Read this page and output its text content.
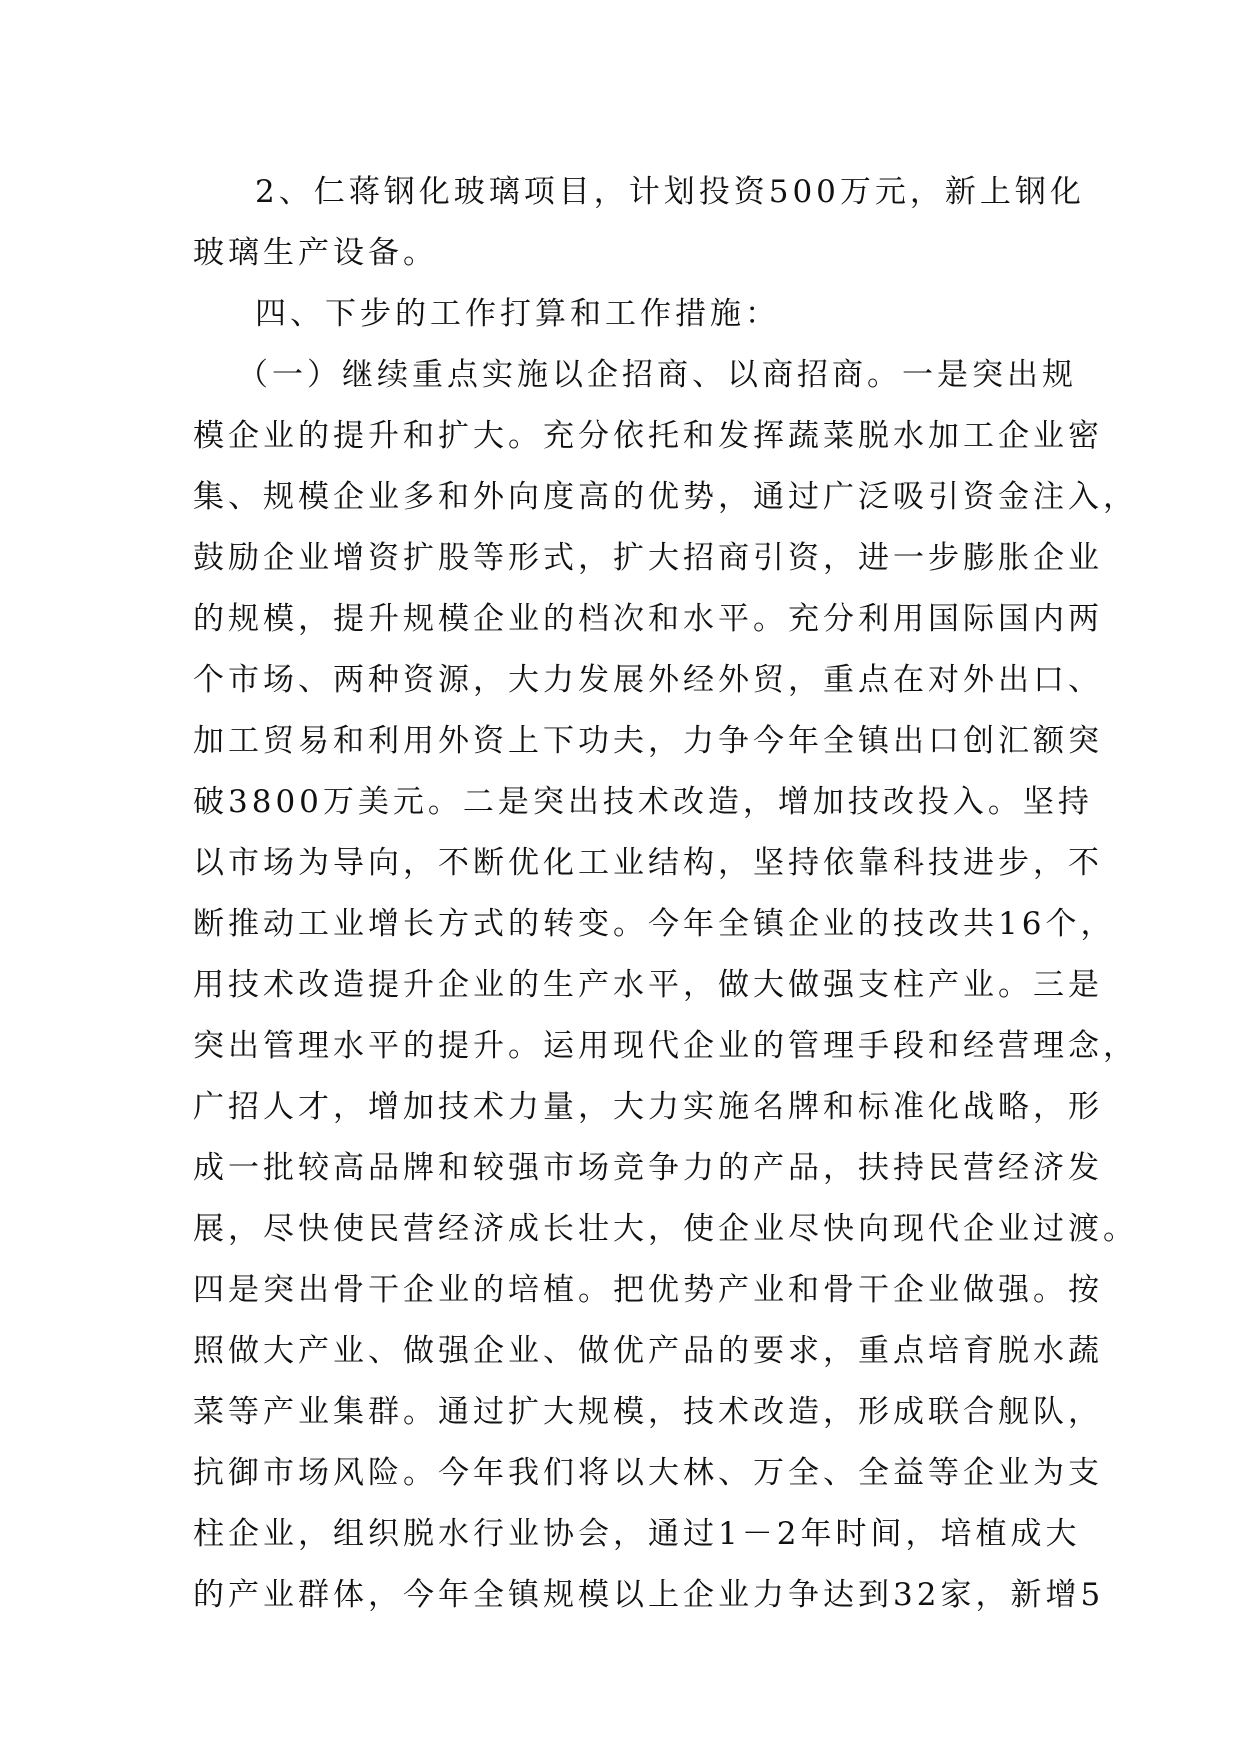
2、仁蒋钢化玻璃项目，计划投资500万元，新上钢化
玻璃生产设备。
四、下步的工作打算和工作措施：
（一）继续重点实施以企招商、以商招商。一是突出规
模企业的提升和扩大。充分依托和发挥蔬菜脱水加工企业密
集、规模企业多和外向度高的优势，通过广泛吸引资金注入，
鼓励企业增资扩股等形式，扩大招商引资，进一步膨胀企业
的规模，提升规模企业的档次和水平。充分利用国际国内两
个市场、两种资源，大力发展外经外贸，重点在对外出口、
加工贸易和利用外资上下功夫，力争今年全镇出口创汇额突
破3800万美元。二是突出技术改造，增加技改投入。坚持
以市场为导向，不断优化工业结构，坚持依靠科技进步，不
断推动工业增长方式的转变。今年全镇企业的技改共16个，
用技术改造提升企业的生产水平，做大做强支柱产业。三是
突出管理水平的提升。运用现代企业的管理手段和经营理念，
广招人才，增加技术力量，大力实施名牌和标准化战略，形
成一批较高品牌和较强市场竞争力的产品，扶持民营经济发
展，尽快使民营经济成长壮大，使企业尽快向现代企业过渡。
四是突出骨干企业的培植。把优势产业和骨干企业做强。按
照做大产业、做强企业、做优产品的要求，重点培育脱水蔬
菜等产业集群。通过扩大规模，技术改造，形成联合舰队，
抗御市场风险。今年我们将以大林、万全、全益等企业为支
柱企业，组织脱水行业协会，通过1－2年时间，培植成大
的产业群体，今年全镇规模以上企业力争达到32家，新增5
